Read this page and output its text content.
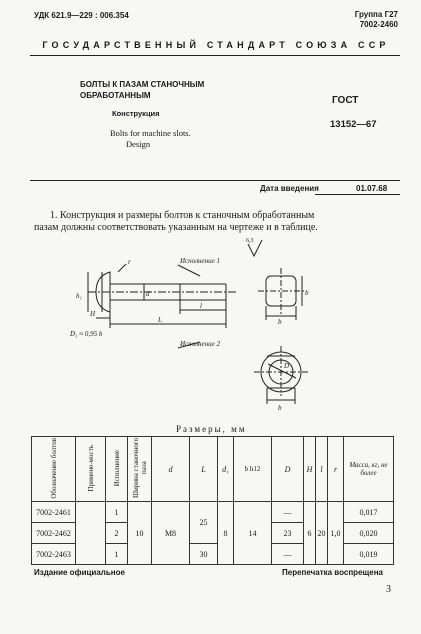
УДК 621.9—229 : 006.354	Группа Г27
7002-2460
ГОСУДАРСТВЕННЫЙ СТАНДАРТ СОЮЗА ССР
БОЛТЫ К ПАЗАМ СТАНОЧНЫМ
ОБРАБОТАННЫМ
Конструкция
Bolts for machine slots.
Design
ГОСТ
13152—67
Дата введения	01.07.68
1. Конструкция и размеры болтов к станочным обработанным
пазам должны соответствовать указанным на чертеже и в таблице.
6,3
Исполнение 1
h₁	d
r
H
L
l
D₁ ≈ 0,95 b
b
b
Исполнение 2
D
b
Размеры, мм
Обозначение болтов	Примене-мость	Исполнение	Ширина станочного паза	d	L	d₁	b h12	D	H	l	r	Масса, кг, не более
7002-2461		1	10	М8	25	8	14	—	6	20	1,0	0,017
7002-2462		2						23				0,020
7002-2463		1			30			—				0,019
Издание официальное	Перепечатка воспрещена
3
